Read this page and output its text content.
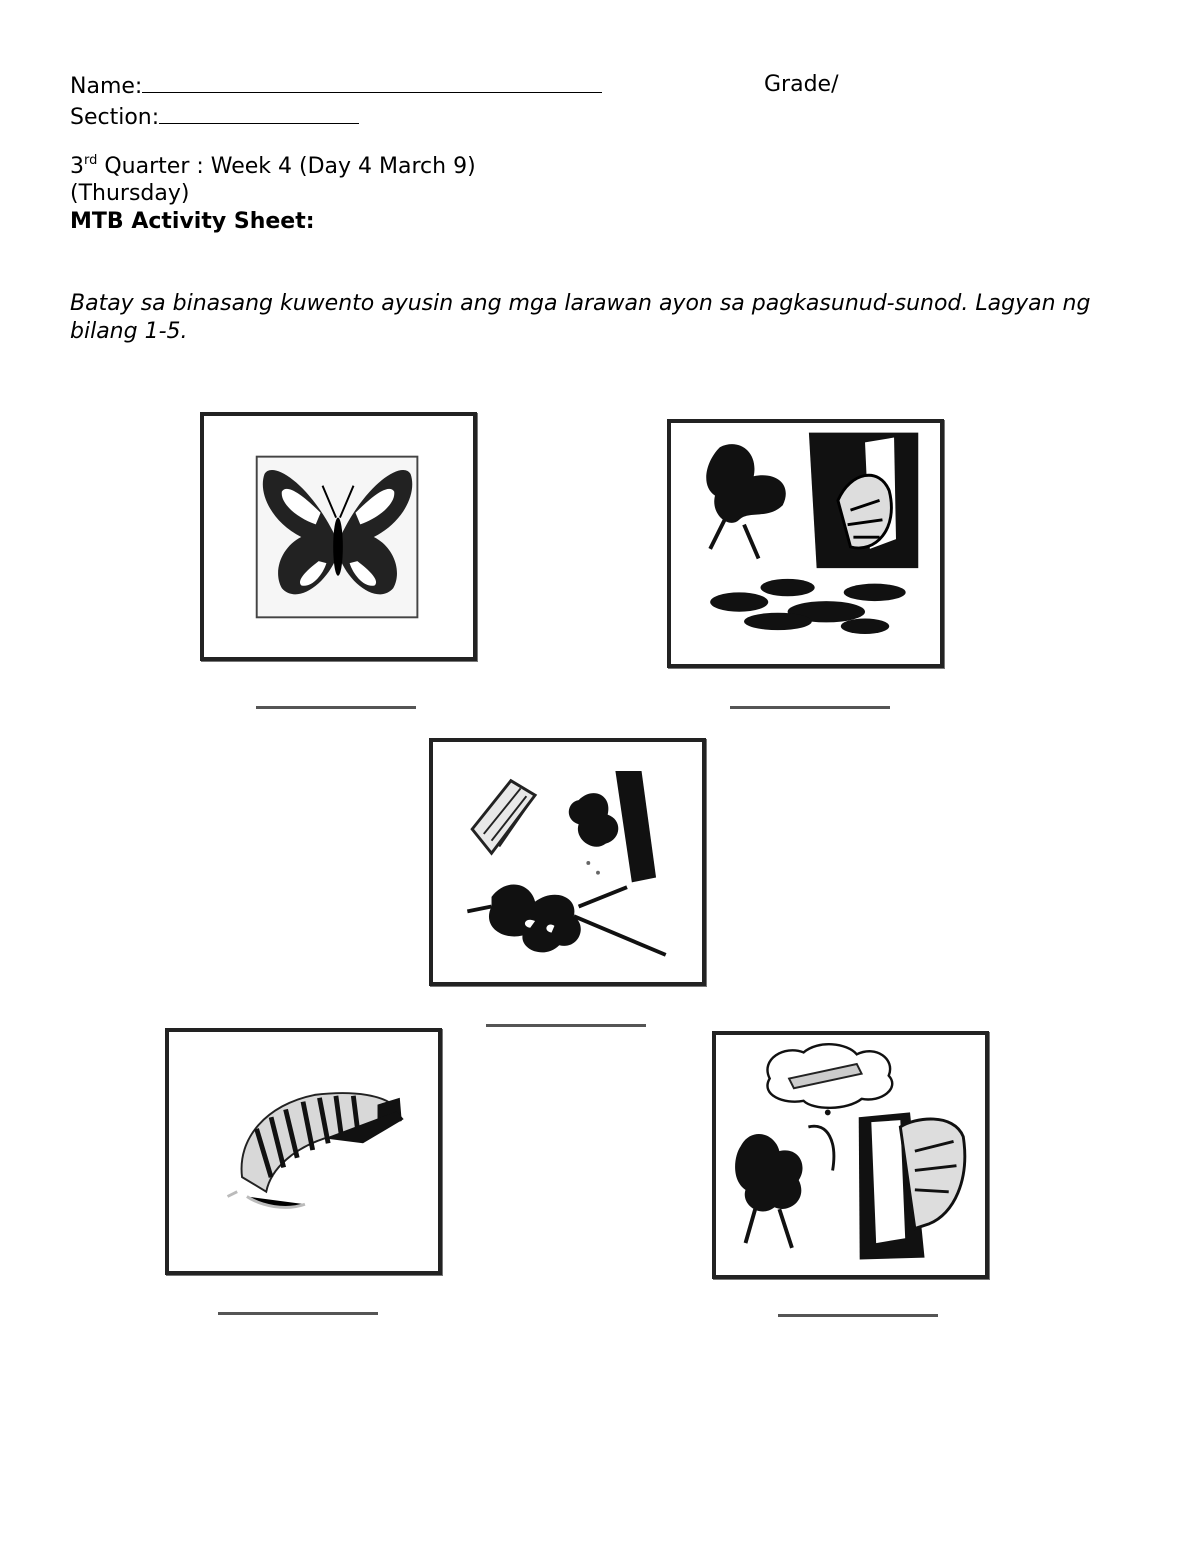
Name:	Grade/
Section:
3rd Quarter : Week 4 (Day 4 March 9)
(Thursday)
MTB Activity Sheet:
Batay sa binasang kuwento ayusin ang mga larawan ayon sa pagkasunud-sunod. Lagyan ng bilang 1-5.
